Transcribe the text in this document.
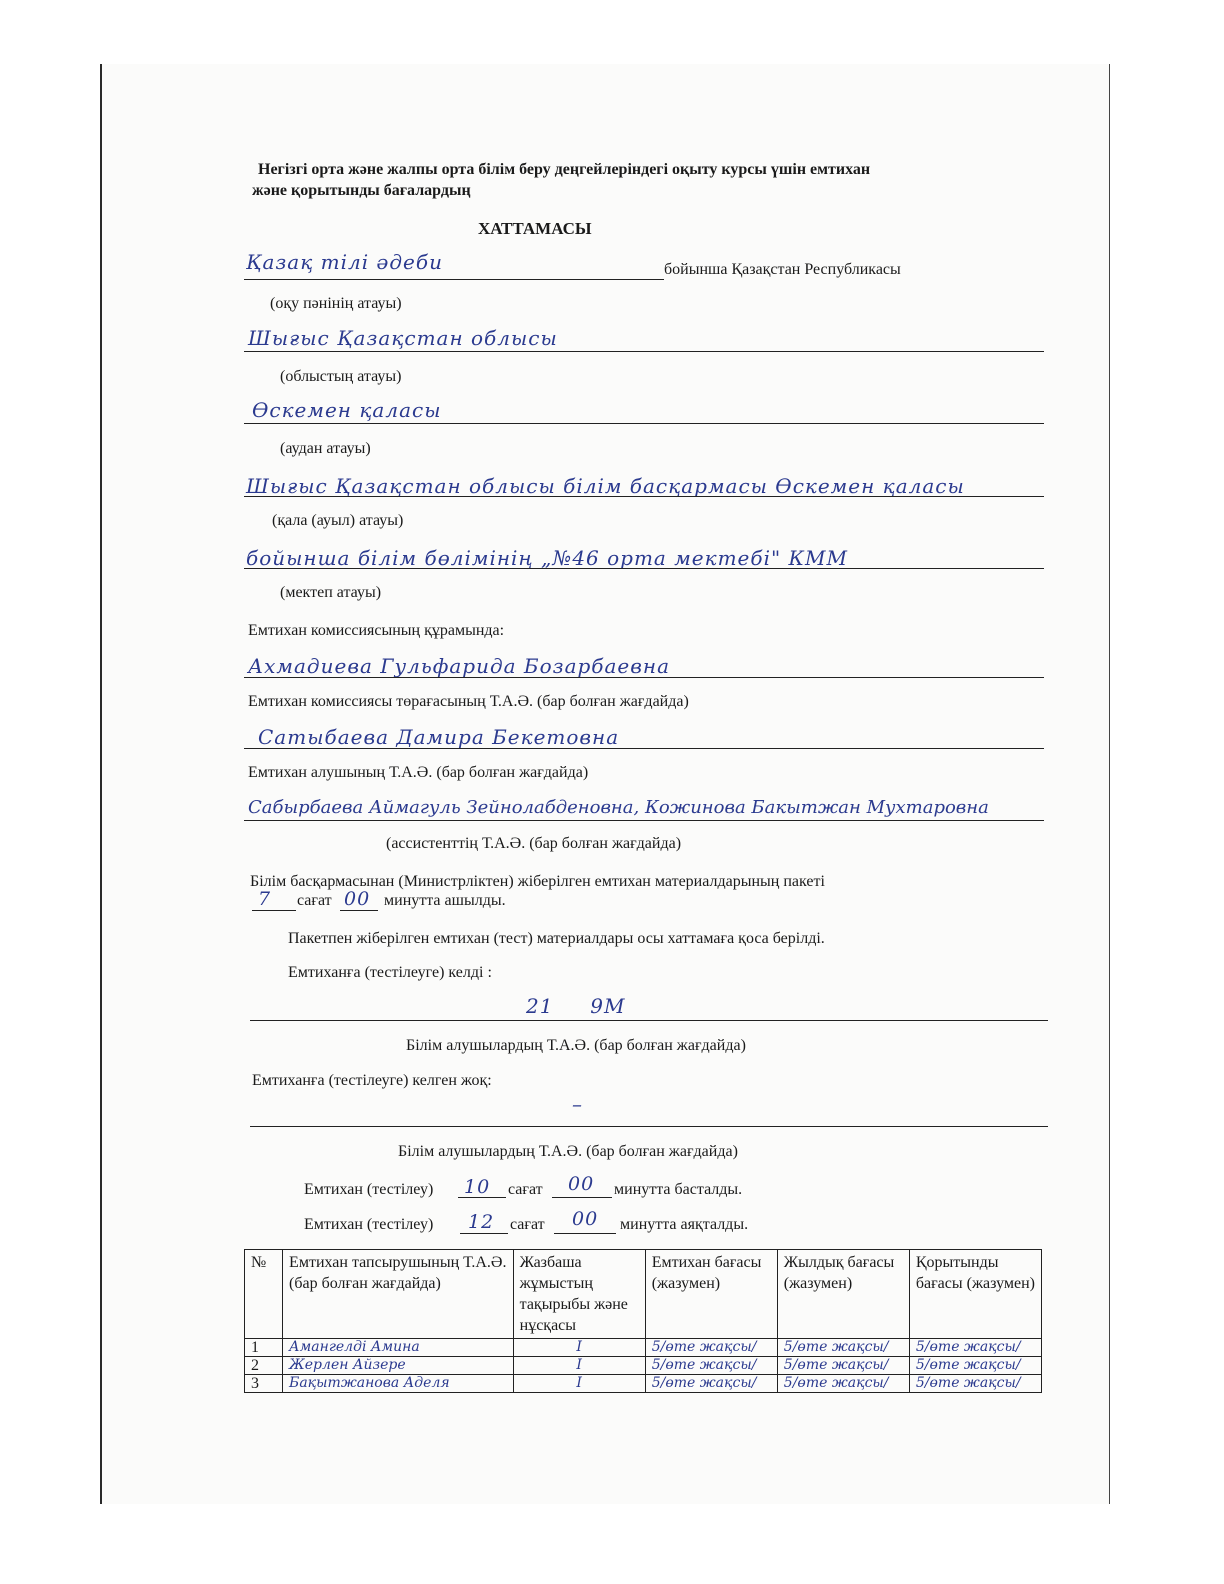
Негізгі орта және жалпы орта білім беру деңгейлеріндегі оқыту курсы үшін емтихан
және қорытынды бағалардың
ХАТТАМАСЫ
Қазақ тілі әдеби	бойынша Қазақстан Республикасы
(оқу пәнінің атауы)
Шығыс Қазақстан облысы
(облыстың атауы)
Өскемен қаласы
(аудан атауы)
Шығыс Қазақстан облысы білім басқармасы Өскемен қаласы
(қала (ауыл) атауы)
бойынша білім бөлімінің „№46 орта мектебі" КММ
(мектеп атауы)
Емтихан комиссиясының құрамында:
Ахмадиева Гульфарида Бозарбаевна
Емтихан комиссиясы төрағасының Т.А.Ә. (бар болған жағдайда)
Сатыбаева Дамира Бекетовна
Емтихан алушының Т.А.Ә. (бар болған жағдайда)
Сабырбаева Аймагуль Зейнолабденовна, Кожинова Бакытжан Мухтаровна
(ассистенттің Т.А.Ә. (бар болған жағдайда)
Білім басқармасынан (Министрліктен) жіберілген емтихан материалдарының пакеті
7 сағат 00 минутта ашылды.
Пакетпен жіберілген емтихан (тест) материалдары осы хаттамаға қоса берілді.
Емтиханға (тестілеуге) келді :
21     9М
Білім алушылардың Т.А.Ә. (бар болған жағдайда)
Емтиханға (тестілеуге) келген жоқ:
–
Білім алушылардың Т.А.Ә. (бар болған жағдайда)
Емтихан (тестілеу) 10 сағат 00 минутта басталды.
Емтихан (тестілеу) 12 сағат 00 минутта аяқталды.
№	Емтихан тапсырушының Т.А.Ә. (бар болған жағдайда)	Жазбаша жұмыстың тақырыбы және нұсқасы	Емтихан бағасы (жазумен)	Жылдық бағасы (жазумен)	Қорытынды бағасы (жазумен)
1	Амангелді Амина	I	5/өте жақсы/	5/өте жақсы/	5/өте жақсы/
2	Жерлен Айзере	I	5/өте жақсы/	5/өте жақсы/	5/өте жақсы/
3	Бақытжанова Аделя	I	5/өте жақсы/	5/өте жақсы/	5/өте жақсы/
